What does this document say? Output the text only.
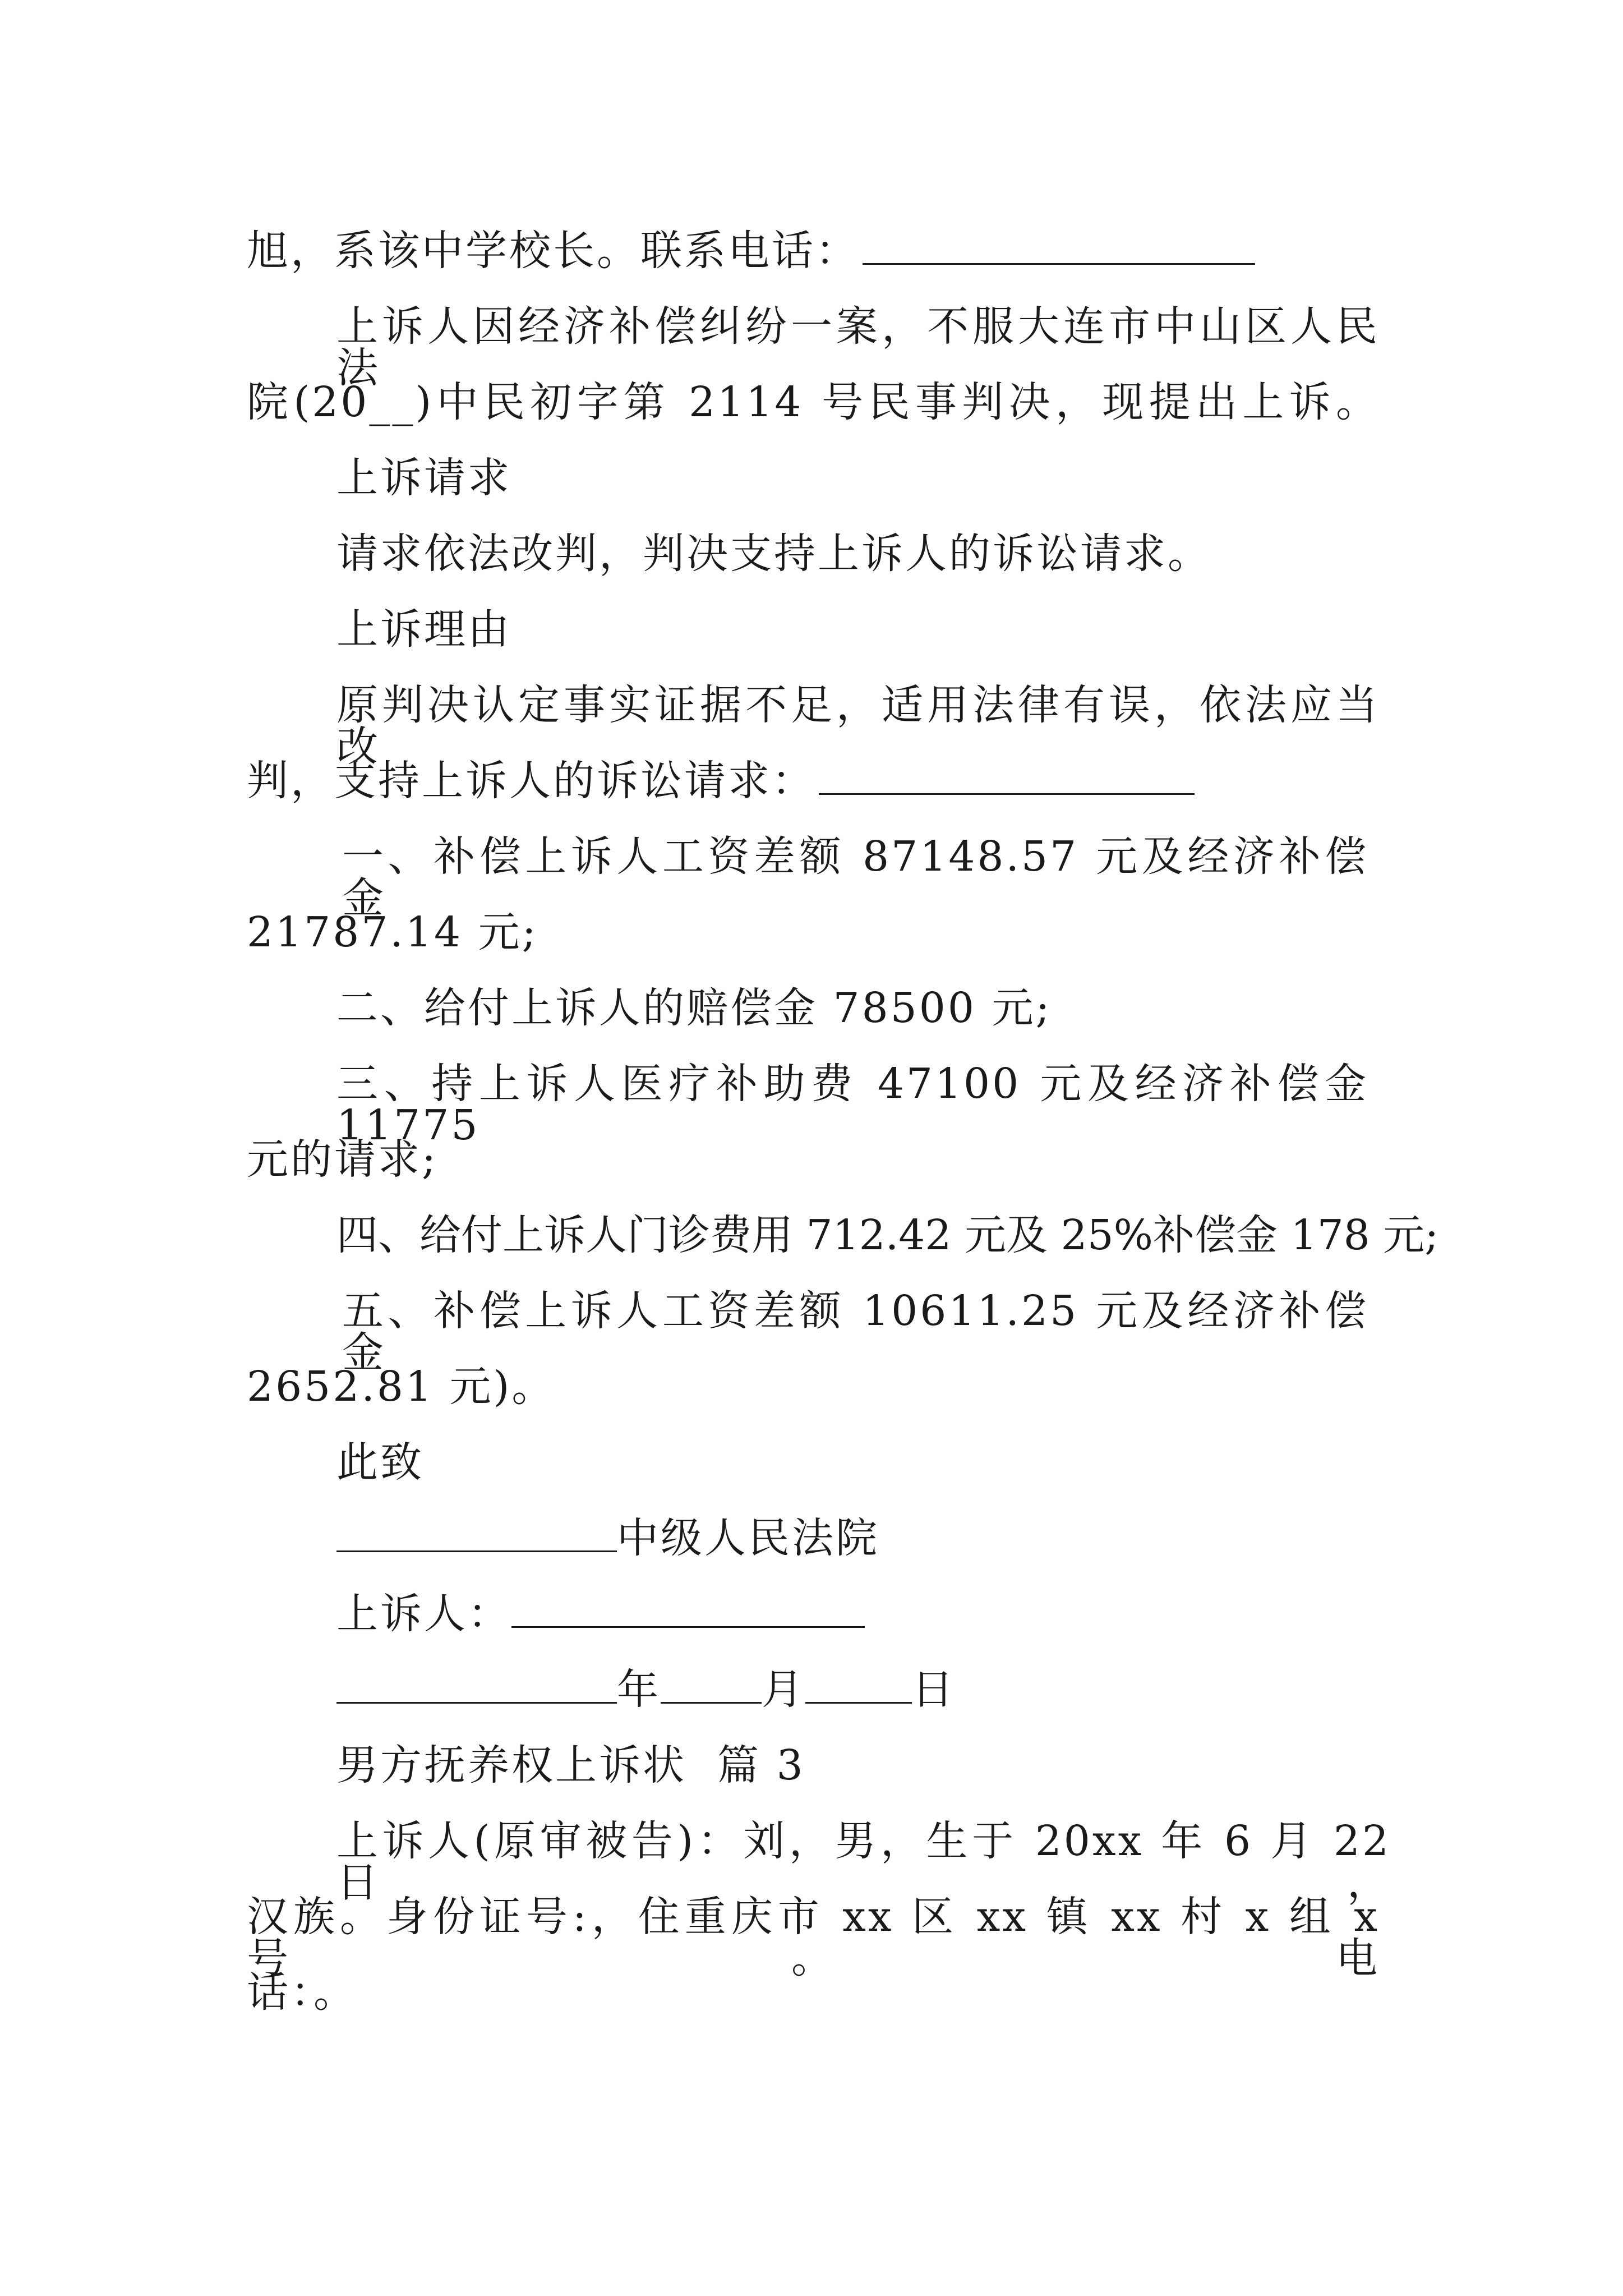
旭，系该中学校长。联系电话：
上诉人因经济补偿纠纷一案，不服大连市中山区人民法
院(20__)中民初字第 2114 号民事判决，现提出上诉。
上诉请求
请求依法改判，判决支持上诉人的诉讼请求。
上诉理由
原判决认定事实证据不足，适用法律有误，依法应当改
判，支持上诉人的诉讼请求：
一、补偿上诉人工资差额 87148.57 元及经济补偿金
21787.14 元;
二、给付上诉人的赔偿金 78500 元;
三、持上诉人医疗补助费 47100 元及经济补偿金 11775
元的请求;
四、给付上诉人门诊费用 712.42 元及 25%补偿金 178 元;
五、补偿上诉人工资差额 10611.25 元及经济补偿金
2652.81 元)。
此致
中级人民法院
上诉人：
年 月	日
男方抚养权上诉状  篇 3
上诉人(原审被告)：刘，男，生于 20xx 年 6 月 22 日，
汉族。身份证号:，住重庆市 xx 区 xx 镇 xx 村 x 组 x 号。电
话：。
